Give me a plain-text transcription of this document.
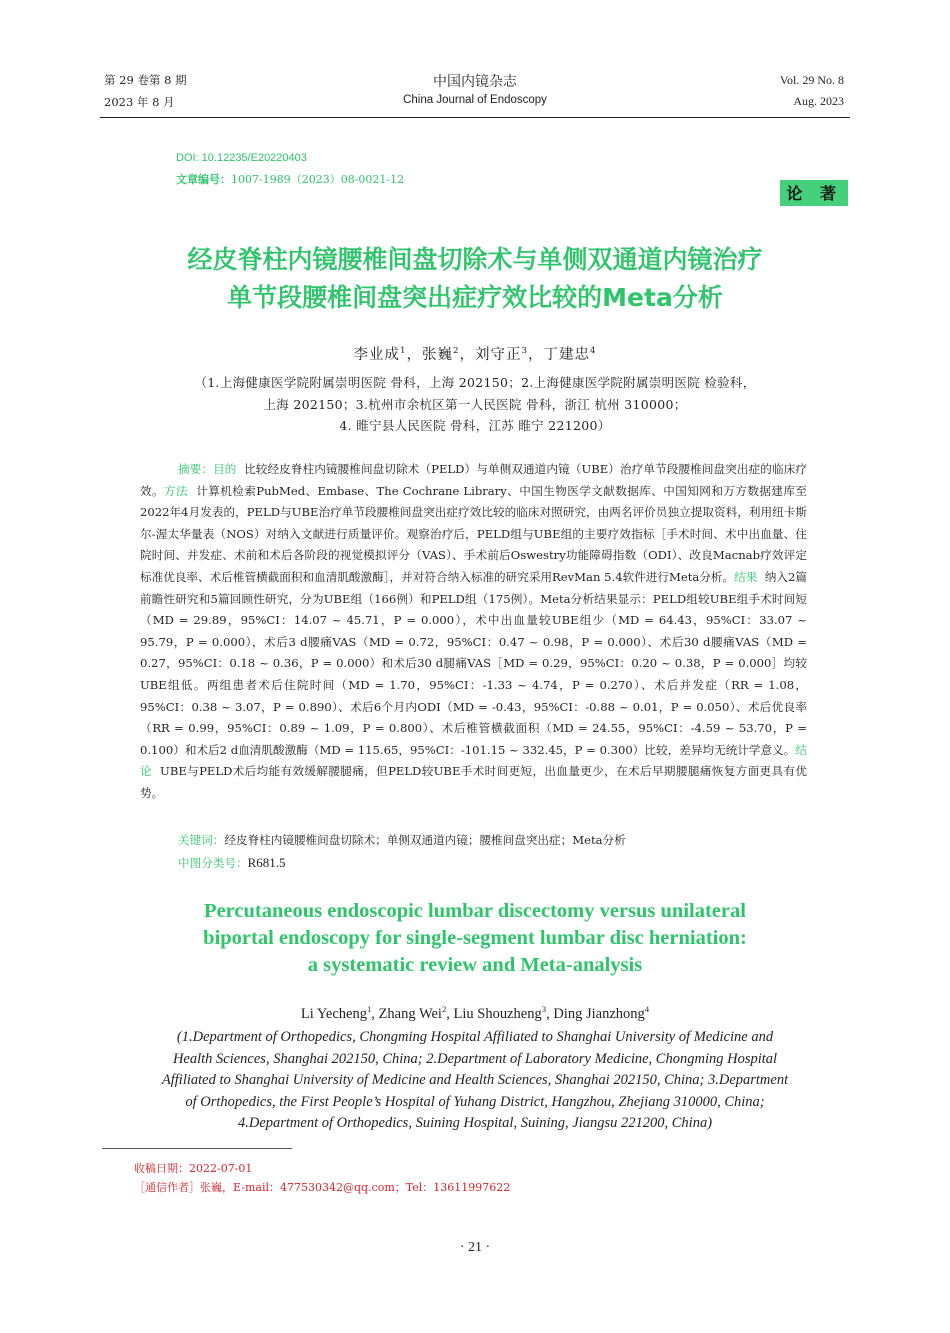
第 29 卷第 8 期
2023 年 8 月
中国内镜杂志
China Journal of Endoscopy
Vol. 29 No. 8
Aug. 2023
DOI: 10.12235/E20220403
文章编号：1007-1989（2023）08-0021-12
论 著
经皮脊柱内镜腰椎间盘切除术与单侧双通道内镜治疗
单节段腰椎间盘突出症疗效比较的Meta分析
李业成$^1$，张巍$^2$，刘守正$^3$，丁建忠$^4$
（1.上海健康医学院附属崇明医院 骨科，上海 202150；2.上海健康医学院附属崇明医院 检验科，
上海 202150；3.杭州市余杭区第一人民医院 骨科，浙江 杭州 310000；
4. 睢宁县人民医院 骨科，江苏 睢宁 221200）

摘要：目的 比较经皮脊柱内镜腰椎间盘切除术（PELD）与单侧双通道内镜（UBE）治疗单节段腰椎间盘突出症的临床疗效。方法 计算机检索PubMed、Embase、The Cochrane Library、中国生物医学文献数据库、中国知网和万方数据建库至2022年4月发表的，PELD与UBE治疗单节段腰椎间盘突出症疗效比较的临床对照研究，由两名评价员独立提取资料，利用纽卡斯尔-渥太华量表（NOS）对纳入文献进行质量评价。观察治疗后，PELD组与UBE组的主要疗效指标［手术时间、术中出血量、住院时间、并发症、术前和术后各阶段的视觉模拟评分（VAS）、手术前后Oswestry功能障碍指数（ODI）、改良Macnab疗效评定标准优良率、术后椎管横截面积和血清肌酸激酶］，并对符合纳入标准的研究采用RevMan 5.4软件进行Meta分析。结果 纳入2篇前瞻性研究和5篇回顾性研究，分为UBE组（166例）和PELD组（175例）。Meta分析结果显示：PELD组较UBE组手术时间短（MD = 29.89，95%CI：14.07 ~ 45.71，P = 0.000），术中出血量较UBE组少（MD = 64.43，95%CI：33.07 ~ 95.79，P = 0.000），术后3 d腰痛VAS（MD = 0.72，95%CI：0.47 ~ 0.98，P = 0.000）、术后30 d腰痛VAS（MD = 0.27，95%CI：0.18 ~ 0.36，P = 0.000）和术后30 d腿痛VAS［MD = 0.29，95%CI：0.20 ~ 0.38，P = 0.000］均较UBE组低。两组患者术后住院时间（MD = 1.70，95%CI：-1.33 ~ 4.74，P = 0.270）、术后并发症（RR = 1.08，95%CI：0.38 ~ 3.07，P = 0.890）、术后6个月内ODI（MD = -0.43，95%CI：-0.88 ~ 0.01，P = 0.050）、术后优良率（RR = 0.99，95%CI：0.89 ~ 1.09，P = 0.800）、术后椎管横截面积（MD = 24.55，95%CI：-4.59 ~ 53.70，P = 0.100）和术后2 d血清肌酸激酶（MD = 115.65，95%CI：-101.15 ~ 332.45，P = 0.300）比较，差异均无统计学意义。结论 UBE与PELD术后均能有效缓解腰腿痛，但PELD较UBE手术时间更短，出血量更少，在术后早期腰腿痛恢复方面更具有优势。

关键词：经皮脊柱内镜腰椎间盘切除术；单侧双通道内镜；腰椎间盘突出症；Meta分析
中图分类号：R681.5
Percutaneous endoscopic lumbar discectomy versus unilateral
biportal endoscopy for single-segment lumbar disc herniation:
a systematic review and Meta-analysis
Li Yecheng$^1$, Zhang Wei$^2$, Liu Shouzheng$^3$, Ding Jianzhong$^4$
(1.Department of Orthopedics, Chongming Hospital Affiliated to Shanghai University of Medicine and
Health Sciences, Shanghai 202150, China; 2.Department of Laboratory Medicine, Chongming Hospital
Affiliated to Shanghai University of Medicine and Health Sciences, Shanghai 202150, China; 3.Department
of Orthopedics, the First People’s Hospital of Yuhang District, Hangzhou, Zhejiang 310000, China;
4.Department of Orthopedics, Suining Hospital, Suining, Jiangsu 221200, China)
收稿日期：2022-07-01
［通信作者］张巍，E-mail：477530342@qq.com；Tel：13611997622
· 21 ·
